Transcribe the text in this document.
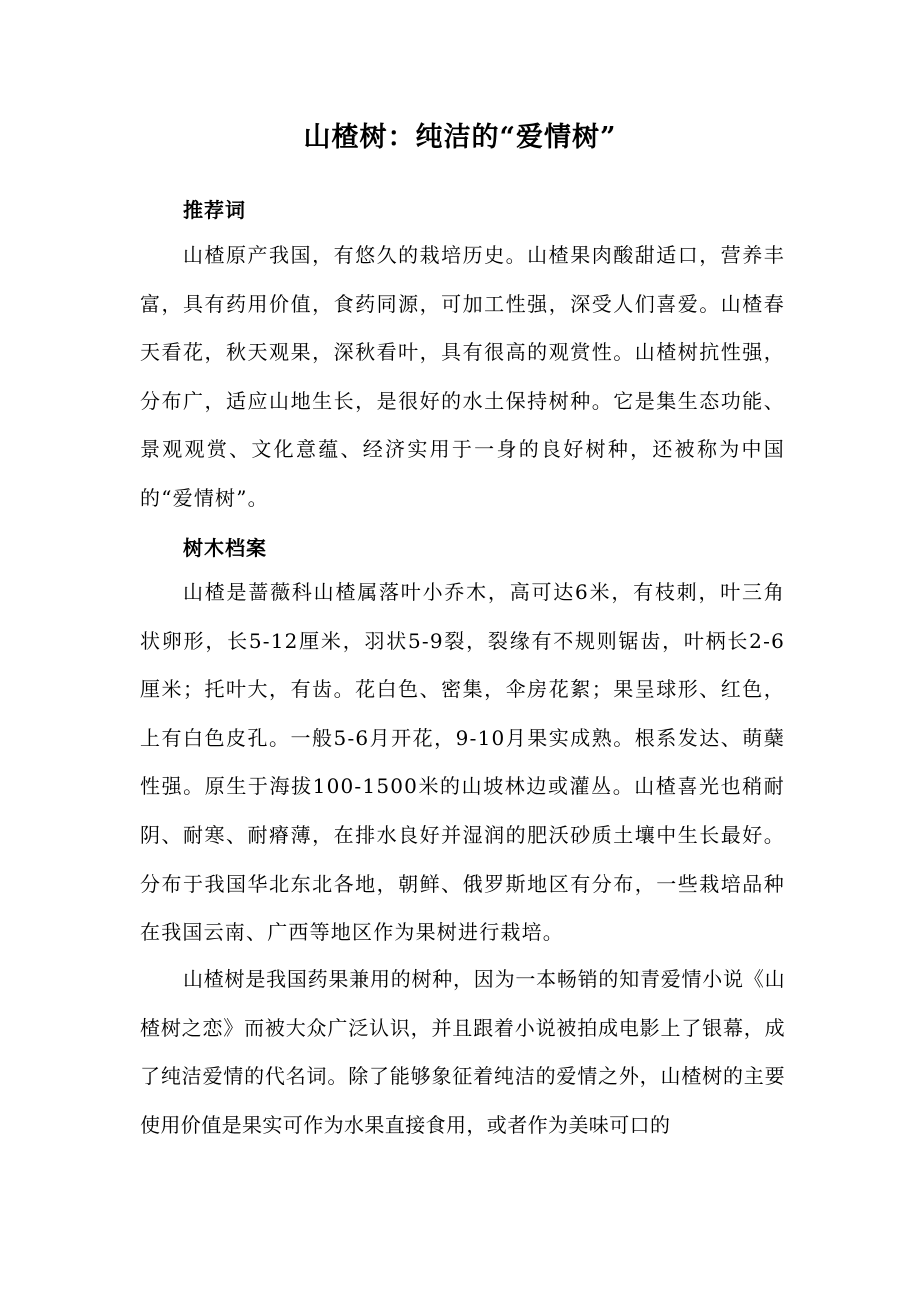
山楂树：纯洁的“爱情树”
推荐词

山楂原产我国，有悠久的栽培历史。山楂果肉酸甜适口，营养丰富，具有药用价值，食药同源，可加工性强，深受人们喜爱。山楂春天看花，秋天观果，深秋看叶，具有很高的观赏性。山楂树抗性强，分布广，适应山地生长，是很好的水土保持树种。它是集生态功能、景观观赏、文化意蕴、经济实用于一身的良好树种，还被称为中国的“爱情树”。

树木档案

山楂是蔷薇科山楂属落叶小乔木，高可达6米，有枝刺，叶三角状卵形，长5-12厘米，羽状5-9裂，裂缘有不规则锯齿，叶柄长2-6厘米；托叶大，有齿。花白色、密集，伞房花絮；果呈球形、红色，上有白色皮孔。一般5-6月开花，9-10月果实成熟。根系发达、萌蘖性强。原生于海拔100-1500米的山坡林边或灌丛。山楂喜光也稍耐阴、耐寒、耐瘠薄，在排水良好并湿润的肥沃砂质土壤中生长最好。分布于我国华北东北各地，朝鲜、俄罗斯地区有分布，一些栽培品种在我国云南、广西等地区作为果树进行栽培。

山楂树是我国药果兼用的树种，因为一本畅销的知青爱情小说《山楂树之恋》而被大众广泛认识，并且跟着小说被拍成电影上了银幕，成了纯洁爱情的代名词。除了能够象征着纯洁的爱情之外，山楂树的主要使用价值是果实可作为水果直接食用，或者作为美味可口的
